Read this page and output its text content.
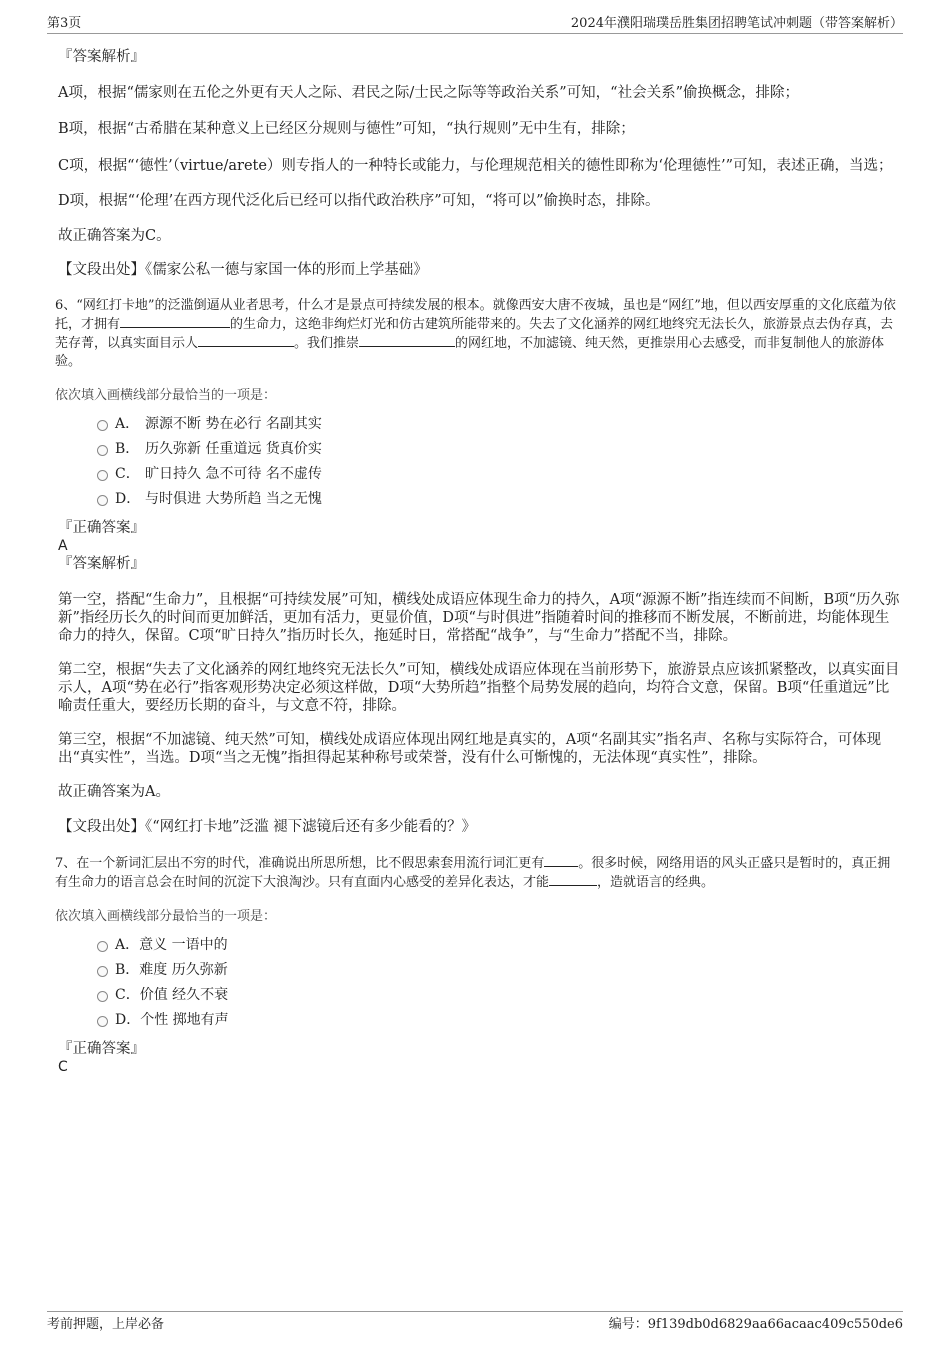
第3页	2024年濮阳瑞璞岳胜集团招聘笔试冲刺题（带答案解析）
『答案解析』

A项，根据“儒家则在五伦之外更有天人之际、君民之际/士民之际等等政治关系”可知，“社会关系”偷换概念，排除；

B项，根据“古希腊在某种意义上已经区分规则与德性”可知，“执行规则”无中生有，排除；

C项，根据“‘德性’（virtue/arete）则专指人的一种特长或能力，与伦理规范相关的德性即称为‘伦理德性’”可知，表述正确，当选；

D项，根据“‘伦理’在西方现代泛化后已经可以指代政治秩序”可知，“将可以”偷换时态，排除。

故正确答案为C。

【文段出处】《儒家公私一德与家国一体的形而上学基础》

6、“网红打卡地”的泛滥倒逼从业者思考，什么才是景点可持续发展的根本。就像西安大唐不夜城，虽也是“网红”地，但以西安厚重的文化底蕴为依托，才拥有	的生命力，这绝非绚烂灯光和仿古建筑所能带来的。失去了文化涵养的网红地终究无法长久，旅游景点去伪存真，去芜存菁，以真实面目示人	。我们推崇	的网红地，不加滤镜、纯天然，更推崇用心去感受，而非复制他人的旅游体验。

依次填入画横线部分最恰当的一项是：

A． 源源不断 势在必行 名副其实
B． 历久弥新 任重道远 货真价实
C． 旷日持久 急不可待 名不虚传
D． 与时俱进 大势所趋 当之无愧
『正确答案』
A
『答案解析』

第一空，搭配“生命力”，且根据“可持续发展”可知，横线处成语应体现生命力的持久，A项“源源不断”指连续而不间断，B项“历久弥新”指经历长久的时间而更加鲜活，更加有活力，更显价值，D项“与时俱进”指随着时间的推移而不断发展，不断前进，均能体现生命力的持久，保留。C项“旷日持久”指历时长久，拖延时日，常搭配“战争”，与“生命力”搭配不当，排除。

第二空，根据“失去了文化涵养的网红地终究无法长久”可知，横线处成语应体现在当前形势下，旅游景点应该抓紧整改，以真实面目示人，A项“势在必行”指客观形势决定必须这样做，D项“大势所趋”指整个局势发展的趋向，均符合文意，保留。B项“任重道远”比喻责任重大，要经历长期的奋斗，与文意不符，排除。

第三空，根据“不加滤镜、纯天然”可知，横线处成语应体现出网红地是真实的，A项“名副其实”指名声、名称与实际符合，可体现出“真实性”，当选。D项“当之无愧”指担得起某种称号或荣誉，没有什么可惭愧的，无法体现“真实性”，排除。

故正确答案为A。

【文段出处】《“网红打卡地”泛滥 褪下滤镜后还有多少能看的？》

7、在一个新词汇层出不穷的时代，准确说出所思所想，比不假思索套用流行词汇更有	。很多时候，网络用语的风头正盛只是暂时的，真正拥有生命力的语言总会在时间的沉淀下大浪淘沙。只有直面内心感受的差异化表达，才能	，造就语言的经典。

依次填入画横线部分最恰当的一项是：

A．意义 一语中的
B．难度 历久弥新
C．价值 经久不衰
D．个性 掷地有声
『正确答案』
C
考前押题，上岸必备	编号：9f139db0d6829aa66acaac409c550de6
